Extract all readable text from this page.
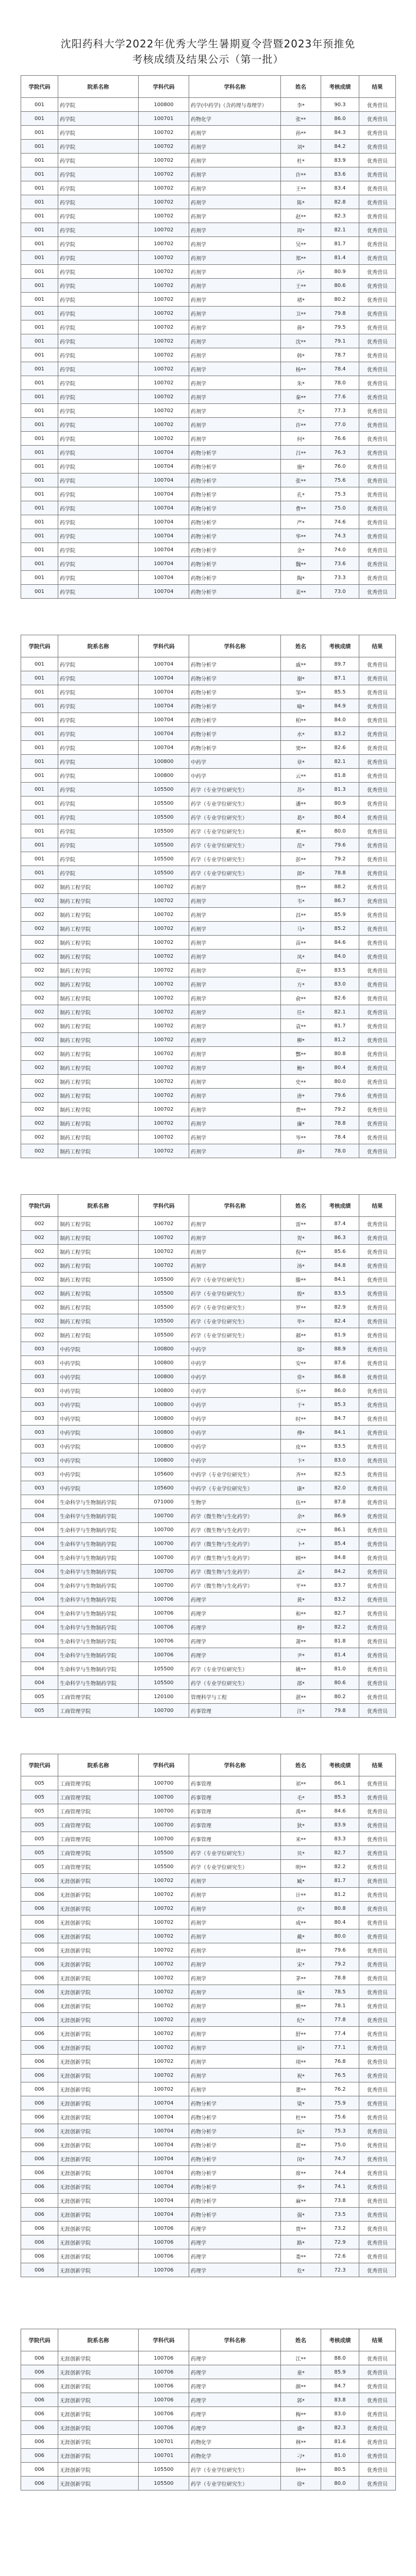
沈阳药科大学2022年优秀大学生暑期夏令营暨2023年预推免
考核成绩及结果公示（第一批）
学院代码	院系名称	学科代码	学科名称	姓名	考核成绩	结果
001	药学院	100800	药学(中药学)（含药理与毒理学）	李*	90.3	优秀营员
001	药学院	100701	药物化学	张**	86.0	优秀营员
001	药学院	100702	药剂学	孙**	84.3	优秀营员
001	药学院	100702	药剂学	刘*	84.2	优秀营员
001	药学院	100702	药剂学	杜*	83.9	优秀营员
001	药学院	100702	药剂学	许**	83.6	优秀营员
001	药学院	100702	药剂学	王**	83.4	优秀营员
001	药学院	100702	药剂学	陈*	82.8	优秀营员
001	药学院	100702	药剂学	赵**	82.3	优秀营员
001	药学院	100702	药剂学	周*	82.1	优秀营员
001	药学院	100702	药剂学	吴**	81.7	优秀营员
001	药学院	100702	药剂学	郑**	81.4	优秀营员
001	药学院	100702	药剂学	冯*	80.9	优秀营员
001	药学院	100702	药剂学	王**	80.6	优秀营员
001	药学院	100702	药剂学	褚*	80.2	优秀营员
001	药学院	100702	药剂学	卫**	79.8	优秀营员
001	药学院	100702	药剂学	蒋*	79.5	优秀营员
001	药学院	100702	药剂学	沈**	79.1	优秀营员
001	药学院	100702	药剂学	韩*	78.7	优秀营员
001	药学院	100702	药剂学	杨**	78.4	优秀营员
001	药学院	100702	药剂学	朱*	78.0	优秀营员
001	药学院	100702	药剂学	秦**	77.6	优秀营员
001	药学院	100702	药剂学	尤*	77.3	优秀营员
001	药学院	100702	药剂学	许**	77.0	优秀营员
001	药学院	100702	药剂学	何*	76.6	优秀营员
001	药学院	100704	药物分析学	吕**	76.3	优秀营员
001	药学院	100704	药物分析学	施*	76.0	优秀营员
001	药学院	100704	药物分析学	张**	75.6	优秀营员
001	药学院	100704	药物分析学	孔*	75.3	优秀营员
001	药学院	100704	药物分析学	曹**	75.0	优秀营员
001	药学院	100704	药物分析学	严*	74.6	优秀营员
001	药学院	100704	药物分析学	华**	74.3	优秀营员
001	药学院	100704	药物分析学	金*	74.0	优秀营员
001	药学院	100704	药物分析学	魏**	73.6	优秀营员
001	药学院	100704	药物分析学	陶*	73.3	优秀营员
001	药学院	100704	药物分析学	姜**	73.0	优秀营员
学院代码	院系名称	学科代码	学科名称	姓名	考核成绩	结果
001	药学院	100704	药物分析学	戚**	89.7	优秀营员
001	药学院	100704	药物分析学	谢*	87.1	优秀营员
001	药学院	100704	药物分析学	邹**	85.5	优秀营员
001	药学院	100704	药物分析学	喻*	84.9	优秀营员
001	药学院	100704	药物分析学	柏**	84.0	优秀营员
001	药学院	100704	药物分析学	水*	83.2	优秀营员
001	药学院	100704	药物分析学	窦**	82.6	优秀营员
001	药学院	100800	中药学	章*	82.1	优秀营员
001	药学院	100800	中药学	云**	81.8	优秀营员
001	药学院	105500	药学（专业学位研究生）	苏*	81.3	优秀营员
001	药学院	105500	药学（专业学位研究生）	潘**	80.9	优秀营员
001	药学院	105500	药学（专业学位研究生）	葛*	80.4	优秀营员
001	药学院	105500	药学（专业学位研究生）	奚**	80.0	优秀营员
001	药学院	105500	药学（专业学位研究生）	范*	79.6	优秀营员
001	药学院	105500	药学（专业学位研究生）	彭**	79.2	优秀营员
001	药学院	105500	药学（专业学位研究生）	郎*	78.8	优秀营员
002	制药工程学院	100702	药剂学	鲁**	88.2	优秀营员
002	制药工程学院	100702	药剂学	韦*	86.7	优秀营员
002	制药工程学院	100702	药剂学	昌**	85.9	优秀营员
002	制药工程学院	100702	药剂学	马*	85.2	优秀营员
002	制药工程学院	100702	药剂学	苗**	84.6	优秀营员
002	制药工程学院	100702	药剂学	凤*	84.0	优秀营员
002	制药工程学院	100702	药剂学	花**	83.5	优秀营员
002	制药工程学院	100702	药剂学	方*	83.0	优秀营员
002	制药工程学院	100702	药剂学	俞**	82.6	优秀营员
002	制药工程学院	100702	药剂学	任*	82.1	优秀营员
002	制药工程学院	100702	药剂学	袁**	81.7	优秀营员
002	制药工程学院	100702	药剂学	柳*	81.2	优秀营员
002	制药工程学院	100702	药剂学	酆**	80.8	优秀营员
002	制药工程学院	100702	药剂学	鲍*	80.4	优秀营员
002	制药工程学院	100702	药剂学	史**	80.0	优秀营员
002	制药工程学院	100702	药剂学	唐*	79.6	优秀营员
002	制药工程学院	100702	药剂学	费**	79.2	优秀营员
002	制药工程学院	100702	药剂学	廉*	78.8	优秀营员
002	制药工程学院	100702	药剂学	岑**	78.4	优秀营员
002	制药工程学院	100702	药剂学	薛*	78.0	优秀营员
学院代码	院系名称	学科代码	学科名称	姓名	考核成绩	结果
002	制药工程学院	100702	药剂学	雷**	87.4	优秀营员
002	制药工程学院	100702	药剂学	贺*	86.3	优秀营员
002	制药工程学院	100702	药剂学	倪**	85.6	优秀营员
002	制药工程学院	100702	药剂学	汤*	84.8	优秀营员
002	制药工程学院	105500	药学（专业学位研究生）	滕**	84.1	优秀营员
002	制药工程学院	105500	药学（专业学位研究生）	殷*	83.5	优秀营员
002	制药工程学院	105500	药学（专业学位研究生）	罗**	82.9	优秀营员
002	制药工程学院	105500	药学（专业学位研究生）	毕*	82.4	优秀营员
002	制药工程学院	105500	药学（专业学位研究生）	郝**	81.9	优秀营员
003	中药学院	100800	中药学	邬*	88.9	优秀营员
003	中药学院	100800	中药学	安**	87.6	优秀营员
003	中药学院	100800	中药学	常*	86.8	优秀营员
003	中药学院	100800	中药学	乐**	86.0	优秀营员
003	中药学院	100800	中药学	于*	85.3	优秀营员
003	中药学院	100800	中药学	时**	84.7	优秀营员
003	中药学院	100800	中药学	傅*	84.1	优秀营员
003	中药学院	100800	中药学	皮**	83.5	优秀营员
003	中药学院	100800	中药学	卞*	83.0	优秀营员
003	中药学院	105600	中药学（专业学位研究生）	齐**	82.5	优秀营员
003	中药学院	105600	中药学（专业学位研究生）	康*	82.0	优秀营员
004	生命科学与生物制药学院	071000	生物学	伍**	87.8	优秀营员
004	生命科学与生物制药学院	100700	药学（微生物与生化药学）	余*	86.9	优秀营员
004	生命科学与生物制药学院	100700	药学（微生物与生化药学）	元**	86.1	优秀营员
004	生命科学与生物制药学院	100700	药学（微生物与生化药学）	卜*	85.4	优秀营员
004	生命科学与生物制药学院	100700	药学（微生物与生化药学）	顾**	84.8	优秀营员
004	生命科学与生物制药学院	100700	药学（微生物与生化药学）	孟*	84.2	优秀营员
004	生命科学与生物制药学院	100700	药学（微生物与生化药学）	平**	83.7	优秀营员
004	生命科学与生物制药学院	100706	药理学	黄*	83.2	优秀营员
004	生命科学与生物制药学院	100706	药理学	和**	82.7	优秀营员
004	生命科学与生物制药学院	100706	药理学	穆*	82.2	优秀营员
004	生命科学与生物制药学院	100706	药理学	萧**	81.8	优秀营员
004	生命科学与生物制药学院	100706	药理学	尹*	81.4	优秀营员
004	生命科学与生物制药学院	105500	药学（专业学位研究生）	姚**	81.0	优秀营员
004	生命科学与生物制药学院	105500	药学（专业学位研究生）	邵*	80.6	优秀营员
005	工商管理学院	120100	管理科学与工程	湛**	80.2	优秀营员
005	工商管理学院	100700	药事管理	汪*	79.8	优秀营员
学院代码	院系名称	学科代码	学科名称	姓名	考核成绩	结果
005	工商管理学院	100700	药事管理	祁**	86.1	优秀营员
005	工商管理学院	100700	药事管理	毛*	85.3	优秀营员
005	工商管理学院	100700	药事管理	禹**	84.6	优秀营员
005	工商管理学院	100700	药事管理	狄*	83.9	优秀营员
005	工商管理学院	100700	药事管理	米**	83.3	优秀营员
005	工商管理学院	105500	药学（专业学位研究生）	贝*	82.7	优秀营员
005	工商管理学院	105500	药学（专业学位研究生）	明**	82.2	优秀营员
006	无涯创新学院	100702	药剂学	臧*	81.7	优秀营员
006	无涯创新学院	100702	药剂学	计**	81.2	优秀营员
006	无涯创新学院	100702	药剂学	伏*	80.8	优秀营员
006	无涯创新学院	100702	药剂学	成**	80.4	优秀营员
006	无涯创新学院	100702	药剂学	戴*	80.0	优秀营员
006	无涯创新学院	100702	药剂学	谈**	79.6	优秀营员
006	无涯创新学院	100702	药剂学	宋*	79.2	优秀营员
006	无涯创新学院	100702	药剂学	茅**	78.8	优秀营员
006	无涯创新学院	100702	药剂学	庞*	78.5	优秀营员
006	无涯创新学院	100702	药剂学	熊**	78.1	优秀营员
006	无涯创新学院	100702	药剂学	纪*	77.8	优秀营员
006	无涯创新学院	100702	药剂学	舒**	77.4	优秀营员
006	无涯创新学院	100702	药剂学	屈*	77.1	优秀营员
006	无涯创新学院	100702	药剂学	项**	76.8	优秀营员
006	无涯创新学院	100702	药剂学	祝*	76.5	优秀营员
006	无涯创新学院	100702	药剂学	董**	76.2	优秀营员
006	无涯创新学院	100704	药物分析学	梁*	75.9	优秀营员
006	无涯创新学院	100704	药物分析学	杜**	75.6	优秀营员
006	无涯创新学院	100704	药物分析学	阮*	75.3	优秀营员
006	无涯创新学院	100704	药物分析学	蓝**	75.0	优秀营员
006	无涯创新学院	100704	药物分析学	闵*	74.7	优秀营员
006	无涯创新学院	100704	药物分析学	席**	74.4	优秀营员
006	无涯创新学院	100704	药物分析学	季*	74.1	优秀营员
006	无涯创新学院	100704	药物分析学	麻**	73.8	优秀营员
006	无涯创新学院	100704	药物分析学	强*	73.5	优秀营员
006	无涯创新学院	100706	药理学	贾**	73.2	优秀营员
006	无涯创新学院	100706	药理学	路*	72.9	优秀营员
006	无涯创新学院	100706	药理学	娄**	72.6	优秀营员
006	无涯创新学院	100706	药理学	危*	72.3	优秀营员
学院代码	院系名称	学科代码	学科名称	姓名	考核成绩	结果
006	无涯创新学院	100706	药理学	江**	88.0	优秀营员
006	无涯创新学院	100706	药理学	童*	85.9	优秀营员
006	无涯创新学院	100706	药理学	颜**	84.7	优秀营员
006	无涯创新学院	100706	药理学	郭*	83.8	优秀营员
006	无涯创新学院	100706	药理学	梅**	83.0	优秀营员
006	无涯创新学院	100706	药理学	盛*	82.3	优秀营员
006	无涯创新学院	100701	药物化学	林**	81.6	优秀营员
006	无涯创新学院	100701	药物化学	刁*	81.0	优秀营员
006	无涯创新学院	105500	药学（专业学位研究生）	钟**	80.5	优秀营员
006	无涯创新学院	105500	药学（专业学位研究生）	徐*	80.0	优秀营员
